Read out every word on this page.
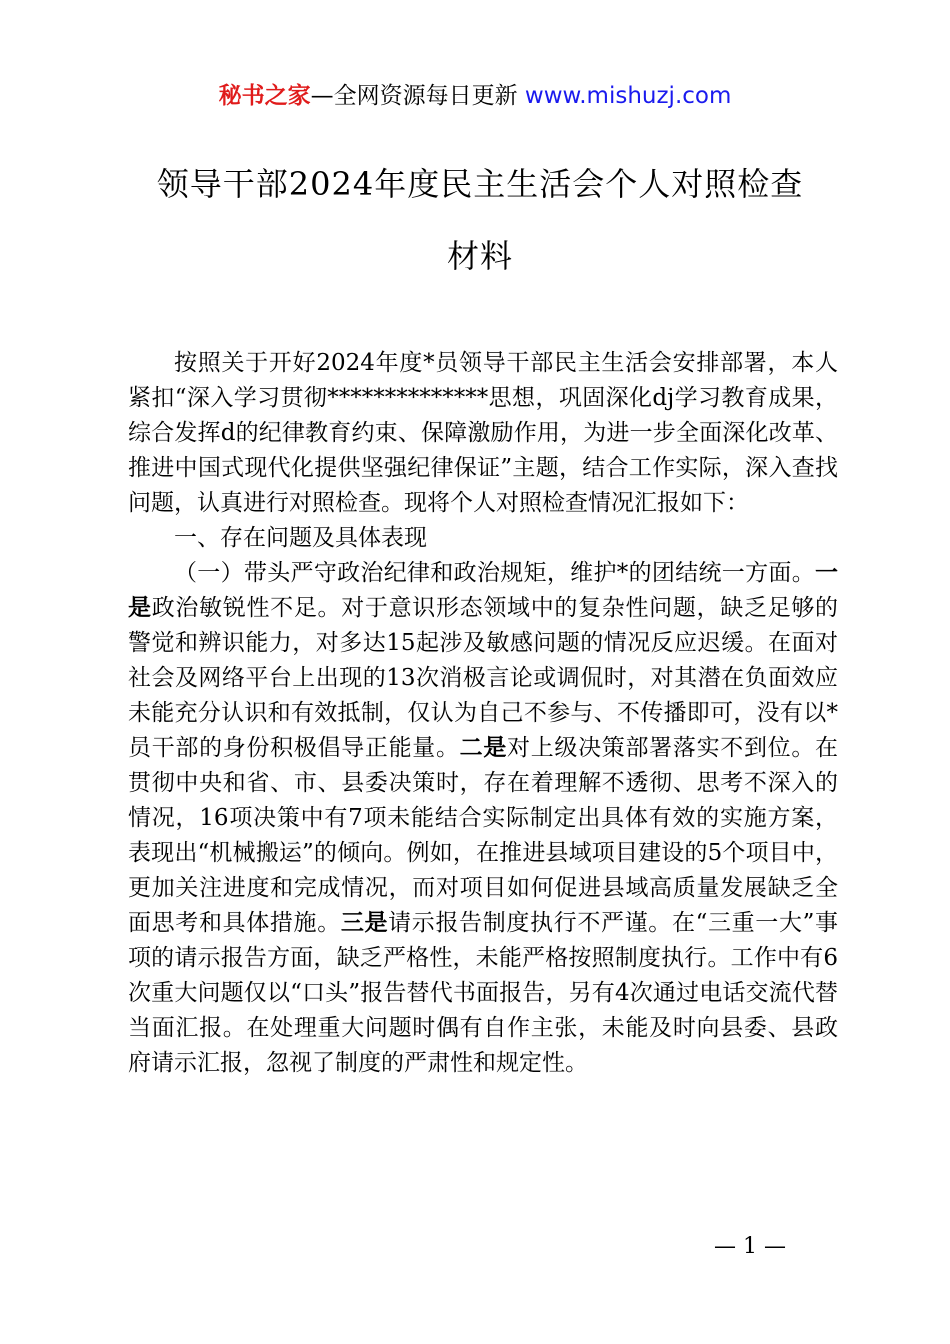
秘书之家—全网资源每日更新 www.mishuzj.com
领导干部2024年度民主生活会个人对照检查
材料

按照关于开好2024年度*员领导干部民主生活会安排部署，本人紧扣“深入学习贯彻**************思想，巩固深化dj学习教育成果，综合发挥d的纪律教育约束、保障激励作用，为进一步全面深化改革、推进中国式现代化提供坚强纪律保证”主题，结合工作实际，深入查找问题，认真进行对照检查。现将个人对照检查情况汇报如下：

一、存在问题及具体表现

（一）带头严守政治纪律和政治规矩，维护*的团结统一方面。一是政治敏锐性不足。对于意识形态领域中的复杂性问题，缺乏足够的警觉和辨识能力，对多达15起涉及敏感问题的情况反应迟缓。在面对社会及网络平台上出现的13次消极言论或调侃时，对其潜在负面效应未能充分认识和有效抵制，仅认为自己不参与、不传播即可，没有以*员干部的身份积极倡导正能量。二是对上级决策部署落实不到位。在贯彻中央和省、市、县委决策时，存在着理解不透彻、思考不深入的情况，16项决策中有7项未能结合实际制定出具体有效的实施方案，表现出“机械搬运”的倾向。例如，在推进县域项目建设的5个项目中，更加关注进度和完成情况，而对项目如何促进县域高质量发展缺乏全面思考和具体措施。三是请示报告制度执行不严谨。在“三重一大”事项的请示报告方面，缺乏严格性，未能严格按照制度执行。工作中有6次重大问题仅以“口头”报告替代书面报告，另有4次通过电话交流代替当面汇报。在处理重大问题时偶有自作主张，未能及时向县委、县政府请示汇报，忽视了制度的严肃性和规定性。

— 1 —
